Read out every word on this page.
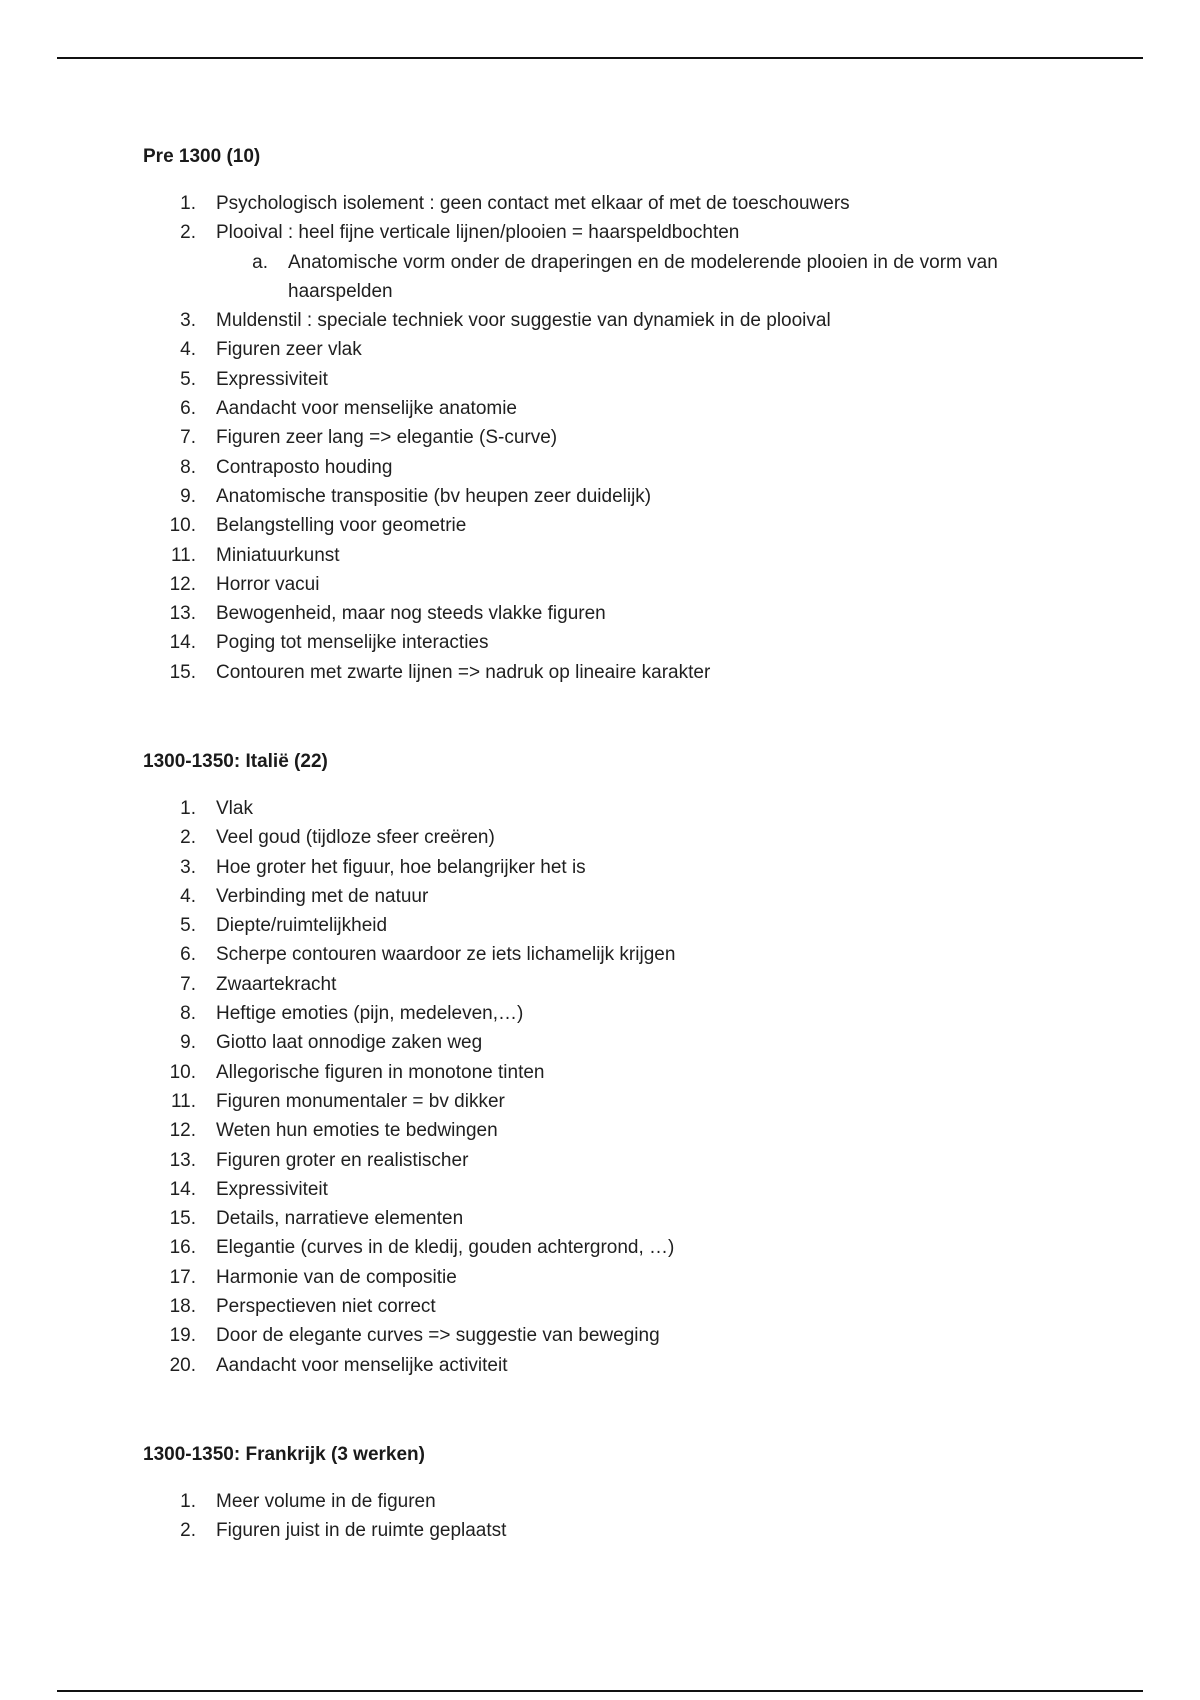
Pre 1300 (10)
1. Psychologisch isolement : geen contact met elkaar of met de toeschouwers
2. Plooival : heel fijne verticale lijnen/plooien = haarspeldbochten
a. Anatomische vorm onder de draperingen en de modelerende plooien in de vorm van haarspelden
3. Muldenstil : speciale techniek voor suggestie van dynamiek in de plooival
4. Figuren zeer vlak
5. Expressiviteit
6. Aandacht voor menselijke anatomie
7. Figuren zeer lang => elegantie (S-curve)
8. Contraposto houding
9. Anatomische transpositie (bv heupen zeer duidelijk)
10. Belangstelling voor geometrie
11. Miniatuurkunst
12. Horror vacui
13. Bewogenheid, maar nog steeds vlakke figuren
14. Poging tot menselijke interacties
15. Contouren met zwarte lijnen => nadruk op lineaire karakter
1300-1350: Italië (22)
1. Vlak
2. Veel goud (tijdloze sfeer creëren)
3. Hoe groter het figuur, hoe belangrijker het is
4. Verbinding met de natuur
5. Diepte/ruimtelijkheid
6. Scherpe contouren waardoor ze iets lichamelijk krijgen
7. Zwaartekracht
8. Heftige emoties (pijn, medeleven,…)
9. Giotto laat onnodige zaken weg
10. Allegorische figuren in monotone tinten
11. Figuren monumentaler = bv dikker
12. Weten hun emoties te bedwingen
13. Figuren groter en realistischer
14. Expressiviteit
15. Details, narratieve elementen
16. Elegantie (curves in de kledij, gouden achtergrond, …)
17. Harmonie van de compositie
18. Perspectieven niet correct
19. Door de elegante curves => suggestie van beweging
20. Aandacht voor menselijke activiteit
1300-1350: Frankrijk (3 werken)
1. Meer volume in de figuren
2. Figuren juist in de ruimte geplaatst
